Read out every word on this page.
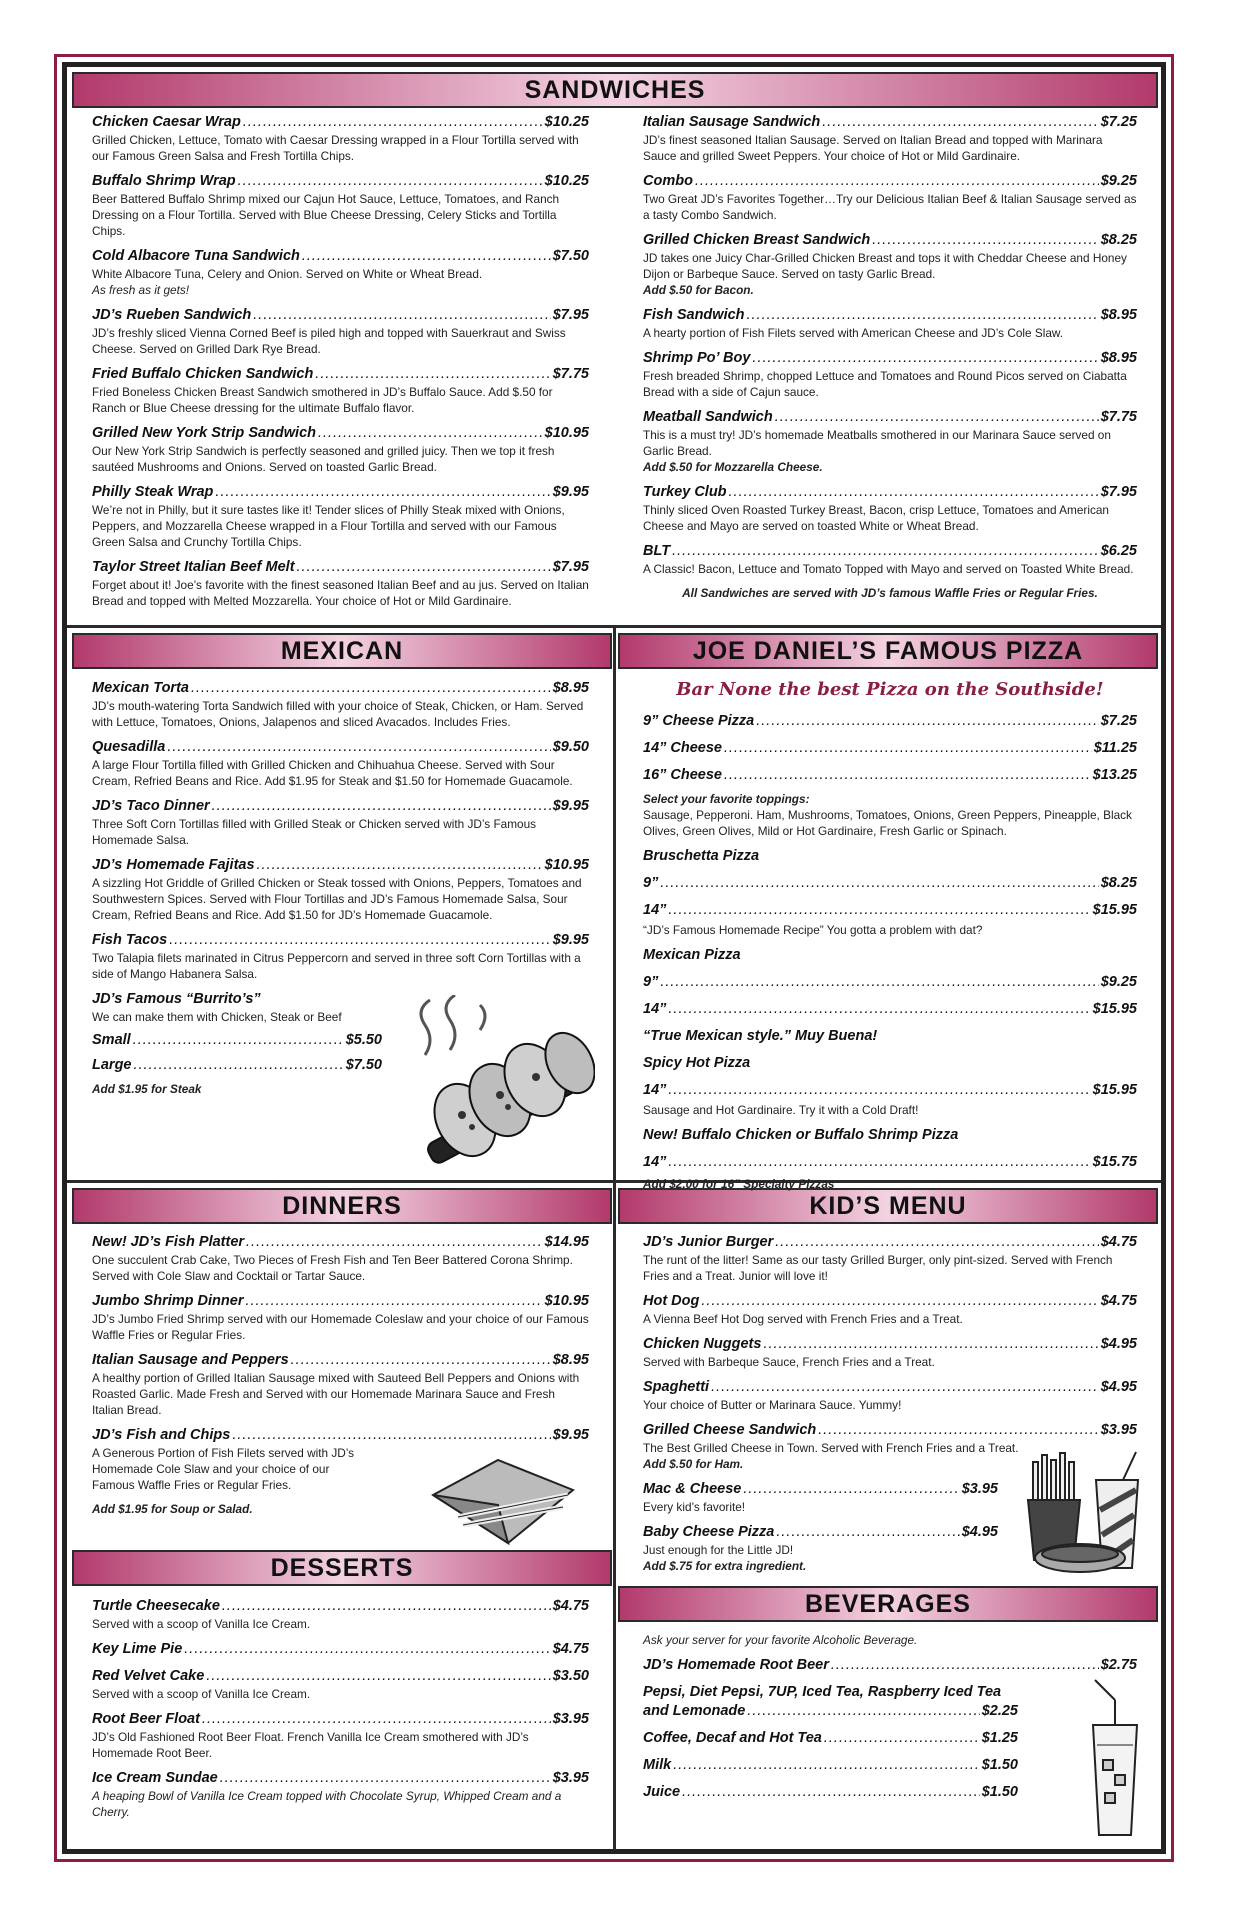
SANDWICHES
MEXICAN	JOE DANIEL’S FAMOUS PIZZA
DINNERS	KID’S MENU
DESSERTS
BEVERAGES
Chicken Caesar Wrap .....	$10.25
Grilled Chicken, Lettuce, Tomato with Caesar Dressing wrapped in a Flour Tortilla served with our Famous Green Salsa and Fresh Tortilla Chips.
Buffalo Shrimp Wrap .....	$10.25
Beer Battered Buffalo Shrimp mixed our Cajun Hot Sauce, Lettuce, Tomatoes, and Ranch Dressing on a Flour Tortilla. Served with Blue Cheese Dressing, Celery Sticks and Tortilla Chips.
Cold Albacore Tuna Sandwich .....	$7.50
White Albacore Tuna, Celery and Onion. Served on White or Wheat Bread.
As fresh as it gets!
JD’s Rueben Sandwich .....	$7.95
JD’s freshly sliced Vienna Corned Beef is piled high and topped with Sauerkraut and Swiss Cheese. Served on Grilled Dark Rye Bread.
Fried Buffalo Chicken Sandwich .....	$7.75
Fried Boneless Chicken Breast Sandwich smothered in JD’s Buffalo Sauce. Add $.50 for Ranch or Blue Cheese dressing for the ultimate Buffalo flavor.
Grilled New York Strip Sandwich .....	$10.95
Our New York Strip Sandwich is perfectly seasoned and grilled juicy. Then we top it fresh sautéed Mushrooms and Onions. Served on toasted Garlic Bread.
Philly Steak Wrap .....	$9.95
We’re not in Philly, but it sure tastes like it! Tender slices of Philly Steak mixed with Onions, Peppers, and Mozzarella Cheese wrapped in a Flour Tortilla and served with our Famous Green Salsa and Crunchy Tortilla Chips.
Taylor Street Italian Beef Melt .....	$7.95
Forget about it! Joe’s favorite with the finest seasoned Italian Beef and au jus. Served on Italian Bread and topped with Melted Mozzarella. Your choice of Hot or Mild Gardinaire.
Italian Sausage Sandwich .....	$7.25
JD’s finest seasoned Italian Sausage. Served on Italian Bread and topped with Marinara Sauce and grilled Sweet Peppers. Your choice of Hot or Mild Gardinaire.
Combo .....	$9.25
Two Great JD’s Favorites Together…Try our Delicious Italian Beef & Italian Sausage served as a tasty Combo Sandwich.
Grilled Chicken Breast Sandwich .....	$8.25
JD takes one Juicy Char-Grilled Chicken Breast and tops it with Cheddar Cheese and Honey Dijon or Barbeque Sauce. Served on tasty Garlic Bread.
Add $.50 for Bacon.
Fish Sandwich .....	$8.95
A hearty portion of Fish Filets served with American Cheese and JD’s Cole Slaw.
Shrimp Po’ Boy .....	$8.95
Fresh breaded Shrimp, chopped Lettuce and Tomatoes and Round Picos served on Ciabatta Bread with a side of Cajun sauce.
Meatball Sandwich .....	$7.75
This is a must try! JD’s homemade Meatballs smothered in our Marinara Sauce served on Garlic Bread.
Add $.50 for Mozzarella Cheese.
Turkey Club .....	$7.95
Thinly sliced Oven Roasted Turkey Breast, Bacon, crisp Lettuce, Tomatoes and American Cheese and Mayo are served on toasted White or Wheat Bread.
BLT .....	$6.25
A Classic! Bacon, Lettuce and Tomato Topped with Mayo and served on Toasted White Bread.
All Sandwiches are served with JD’s famous Waffle Fries or Regular Fries.
Mexican Torta .....	$8.95
JD’s mouth-watering Torta Sandwich filled with your choice of Steak, Chicken, or Ham. Served with Lettuce, Tomatoes, Onions, Jalapenos and sliced Avacados. Includes Fries.
Quesadilla .....	$9.50
A large Flour Tortilla filled with Grilled Chicken and Chihuahua Cheese. Served with Sour Cream, Refried Beans and Rice. Add $1.95 for Steak and $1.50 for Homemade Guacamole.
JD’s Taco Dinner .....	$9.95
Three Soft Corn Tortillas filled with Grilled Steak or Chicken served with JD’s Famous Homemade Salsa.
JD’s Homemade Fajitas .....	$10.95
A sizzling Hot Griddle of Grilled Chicken or Steak tossed with Onions, Peppers, Tomatoes and Southwestern Spices. Served with Flour Tortillas and JD’s Famous Homemade Salsa, Sour Cream, Refried Beans and Rice. Add $1.50 for JD’s Homemade Guacamole.
Fish Tacos .....	$9.95
Two Talapia filets marinated in Citrus Peppercorn and served in three soft Corn Tortillas with a side of Mango Habanera Salsa.
JD’s Famous “Burrito’s”
We can make them with Chicken, Steak or Beef
Small .....	$5.50
Large .....	$7.50
Add $1.95 for Steak
Bar None the best Pizza on the Southside!
9” Cheese Pizza .....	$7.25
14” Cheese .....	$11.25
16” Cheese .....	$13.25
Select your favorite toppings:
Sausage, Pepperoni. Ham, Mushrooms, Tomatoes, Onions, Green Peppers, Pineapple, Black Olives, Green Olives, Mild or Hot Gardinaire, Fresh Garlic or Spinach.
Bruschetta Pizza
9” .....	$8.25
14” .....	$15.95
“JD’s Famous Homemade Recipe” You gotta a problem with dat?
Mexican Pizza
9” .....	$9.25
14” .....	$15.95
“True Mexican style.” Muy Buena!
Spicy Hot Pizza
14” .....	$15.95
Sausage and Hot Gardinaire. Try it with a Cold Draft!
New! Buffalo Chicken or Buffalo Shrimp Pizza
14” .....	$15.75
Add $2.00 for 16” Specialty Pizzas
New! JD’s Fish Platter .....	$14.95
One succulent Crab Cake, Two Pieces of Fresh Fish and Ten Beer Battered Corona Shrimp. Served with Cole Slaw and Cocktail or Tartar Sauce.
Jumbo Shrimp Dinner .....	$10.95
JD’s Jumbo Fried Shrimp served with our Homemade Coleslaw and your choice of our Famous Waffle Fries or Regular Fries.
Italian Sausage and Peppers .....	$8.95
A healthy portion of Grilled Italian Sausage mixed with Sauteed Bell Peppers and Onions with Roasted Garlic. Made Fresh and Served with our Homemade Marinara Sauce and Fresh Italian Bread.
JD’s Fish and Chips .....	$9.95
A Generous Portion of Fish Filets served with JD’s Homemade Cole Slaw and your choice of our Famous Waffle Fries or Regular Fries.
Add $1.95 for Soup or Salad.
Turtle Cheesecake .....	$4.75
Served with a scoop of Vanilla Ice Cream.
Key Lime Pie .....	$4.75
Red Velvet Cake .....	$3.50
Served with a scoop of Vanilla Ice Cream.
Root Beer Float .....	$3.95
JD’s Old Fashioned Root Beer Float. French Vanilla Ice Cream smothered with JD’s Homemade Root Beer.
Ice Cream Sundae .....	$3.95
A heaping Bowl of Vanilla Ice Cream topped with Chocolate Syrup, Whipped Cream and a Cherry.
JD’s Junior Burger .....	$4.75
The runt of the litter! Same as our tasty Grilled Burger, only pint-sized. Served with French Fries and a Treat. Junior will love it!
Hot Dog .....	$4.75
A Vienna Beef Hot Dog served with French Fries and a Treat.
Chicken Nuggets .....	$4.95
Served with Barbeque Sauce, French Fries and a Treat.
Spaghetti .....	$4.95
Your choice of Butter or Marinara Sauce. Yummy!
Grilled Cheese Sandwich .....	$3.95
The Best Grilled Cheese in Town. Served with French Fries and a Treat.
Add $.50 for Ham.
Mac & Cheese .....	$3.95
Every kid’s favorite!
Baby Cheese Pizza .....	$4.95
Just enough for the Little JD!
Add $.75 for extra ingredient.
Ask your server for your favorite Alcoholic Beverage.
JD’s Homemade Root Beer .....	$2.75
Pepsi, Diet Pepsi, 7UP, Iced Tea, Raspberry Iced Tea
and Lemonade .....	$2.25
Coffee, Decaf and Hot Tea .....	$1.25
Milk .....	$1.50
Juice .....	$1.50
